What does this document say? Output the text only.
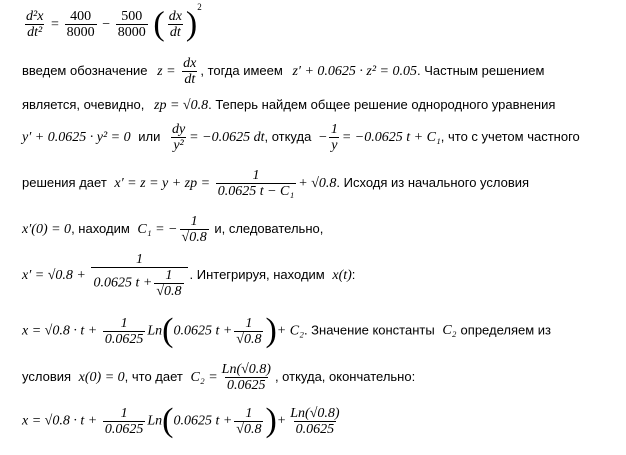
$\frac{\text{d²x}}{\text{dt²}} = \frac{400}{8000} - \frac{500}{8000}$ ( $\frac{dx}{dt} )^2$
введем обозначение $z = \frac{dx}{dt}$ , тогда имеем z′ + 0.0625 · z² = 0.05. Частным решением
является, очевидно, zp = √0.8. Теперь найдем общее решение однородного уравнения
y′ + 0.0625 · y² = 0 или $\frac{dy}{\text{y²}} = -0.0625$ dt, откуда − $\frac{1}{y} = -0.0625$ t + C₁, что с учетом частного
решения дает x′ = z = y + zp = $\frac{1}{\text{0.0625 t − C₁}} + √0.8$. Исходя из начального условия
x′(0) = 0, находим C₁ = − $\frac{1}{√0.8} и$, следовательно,
$x' = √0.8 + \frac{1}{0.0625 t + \frac{1}{√0.8}}$ . Интегрируя, находим x(t):
$x = √0.8 \cdot t + \frac{1}{0.0625} Ln(0.0625$ $t + \frac{1}{√0.8}$ )+ C₂. Значение константы C₂ определяем из
условия x(0) = 0, что дает $C_2 = \frac{Ln(√0.8)}{0.0625}$ , откуда, окончательно:
$x = √0.8 \cdot t + \frac{1}{0.0625} Ln(0.0625$ $t + \frac{1}{√0.8}$ )+ $\frac{Ln(√0.8)}{0.0625}$
